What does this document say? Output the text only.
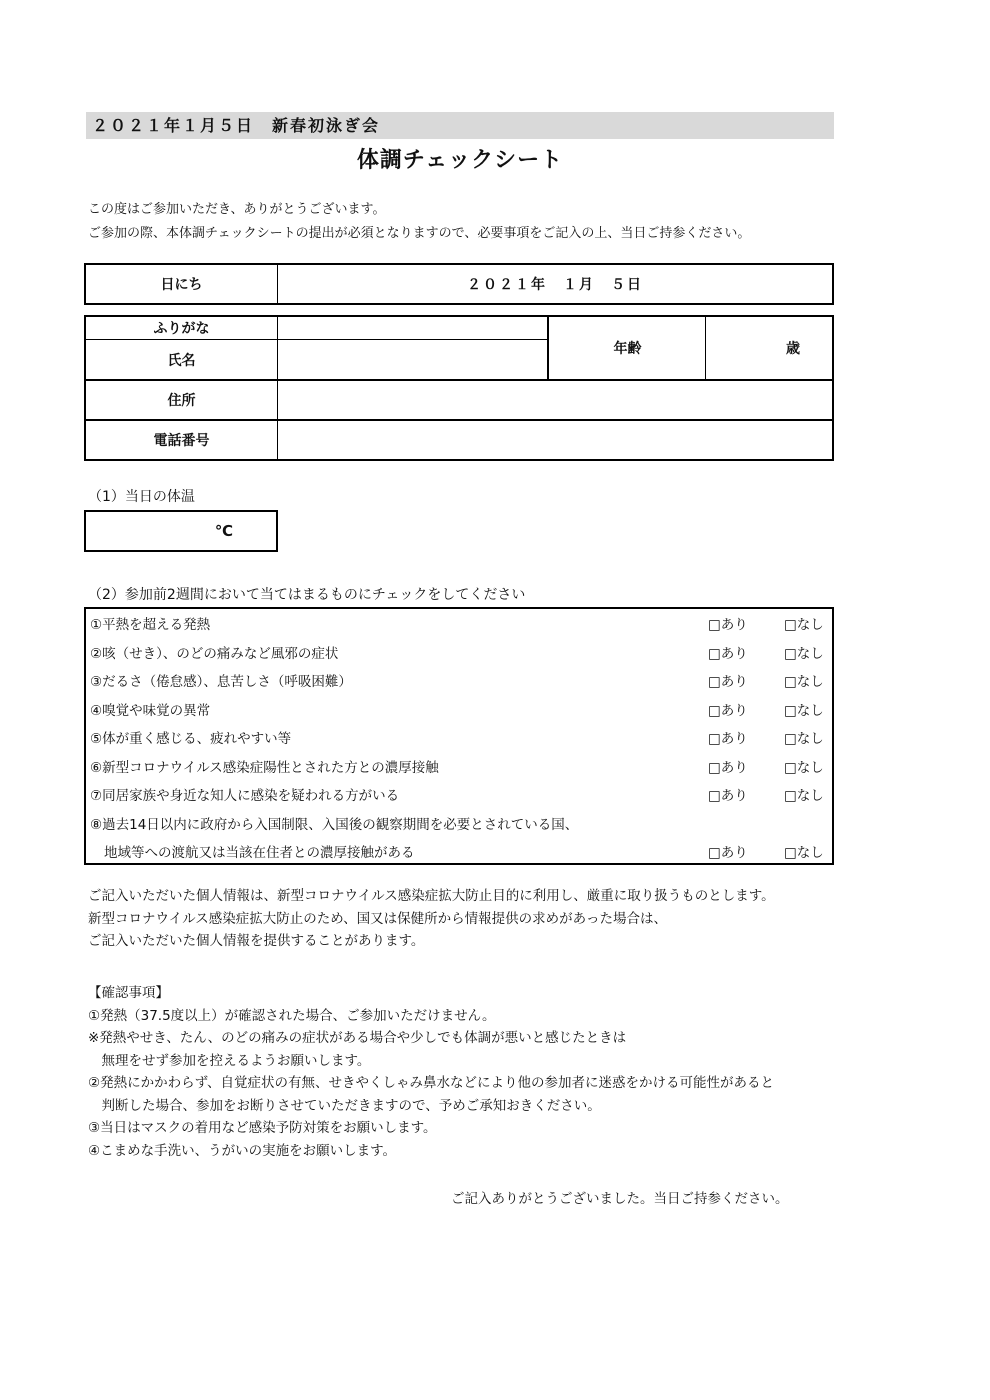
２０２１年１月５日　新春初泳ぎ会
体調チェックシート
この度はご参加いただき、ありがとうございます。
ご参加の際、本体調チェックシートの提出が必須となりますので、必要事項をご記入の上、当日ご持参ください。
日にち	２０２１年　１月　５日
ふりがな
氏名
年齢	歳
住所
電話番号
（1）当日の体温
℃
（2）参加前2週間において当てはまるものにチェックをしてください
①平熱を超える発熱	□あり	□なし
②咳（せき）、のどの痛みなど風邪の症状	□あり	□なし
③だるさ（倦怠感）、息苦しさ（呼吸困難）	□あり	□なし
④嗅覚や味覚の異常	□あり	□なし
⑤体が重く感じる、疲れやすい等	□あり	□なし
⑥新型コロナウイルス感染症陽性とされた方との濃厚接触	□あり	□なし
⑦同居家族や身近な知人に感染を疑われる方がいる	□あり	□なし
⑧過去14日以内に政府から入国制限、入国後の観察期間を必要とされている国、
地域等への渡航又は当該在住者との濃厚接触がある	□あり	□なし
ご記入いただいた個人情報は、新型コロナウイルス感染症拡大防止目的に利用し、厳重に取り扱うものとします。
新型コロナウイルス感染症拡大防止のため、国又は保健所から情報提供の求めがあった場合は、
ご記入いただいた個人情報を提供することがあります。
【確認事項】
①発熱（37.5度以上）が確認された場合、ご参加いただけません。
※発熱やせき、たん、のどの痛みの症状がある場合や少しでも体調が悪いと感じたときは
　無理をせず参加を控えるようお願いします。
②発熱にかかわらず、自覚症状の有無、せきやくしゃみ鼻水などにより他の参加者に迷惑をかける可能性があると
　判断した場合、参加をお断りさせていただきますので、予めご承知おきください。
③当日はマスクの着用など感染予防対策をお願いします。
④こまめな手洗い、うがいの実施をお願いします。
ご記入ありがとうございました。当日ご持参ください。
